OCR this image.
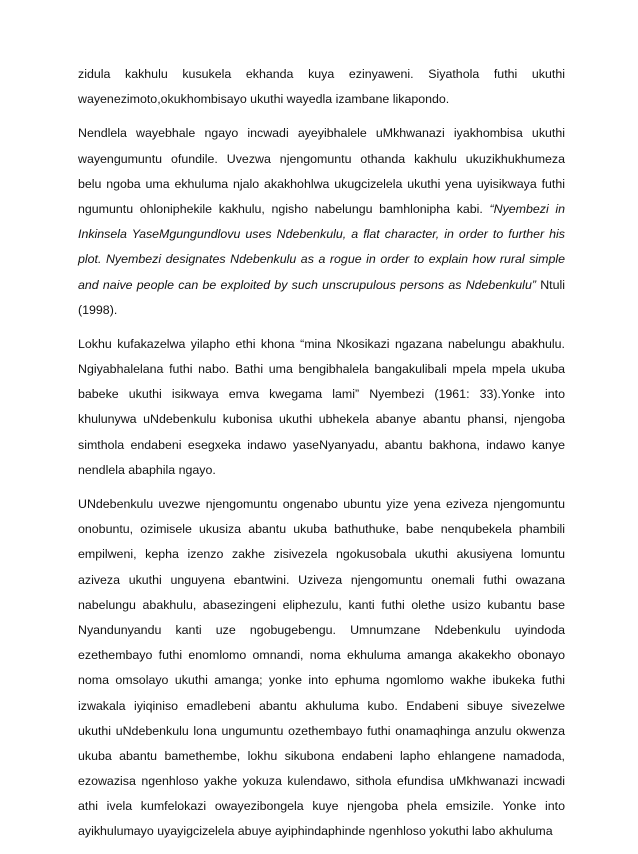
zidula kakhulu kusukela ekhanda kuya ezinyaweni. Siyathola futhi ukuthi
wayenezimoto,okukhombisayo ukuthi wayedla izambane likapondo.
Nendlela wayebhale ngayo incwadi ayeyibhalele uMkhwanazi iyakhombisa ukuthi
wayengumuntu ofundile. Uvezwa njengomuntu othanda kakhulu ukuzikhukhumeza
belu ngoba uma ekhuluma njalo akakhohlwa ukugcizelela ukuthi yena uyisikwaya futhi
ngumuntu ohloniphekile kakhulu, ngisho nabelungu bamhloniphа kabi. “Nyembezi in
Inkinsela YaseMgungundlovu uses Ndebenkulu, a flat character, in order to further his
plot. Nyembezi designates Ndebenkulu as a rogue in order to explain how rural simple
and naive people can be exploited by such unscrupulous persons as Ndebenkulu” Ntuli
(1998).
Lokhu kufakazelwa yilapho ethi khona “mina Nkosikazi ngazana nabelungu abakhulu.
Ngiyabhalelana futhi nabo. Bathi uma bengibhalela bangakulibali mpela mpela ukuba
babeke ukuthi isikwaya emva kwegama lami” Nyembezi (1961: 33).Yonke into
khulunywa uNdebenkulu kubonisa ukuthi ubhekela abanye abantu phansi, njengoba
simthola endabeni esegxeka indawo yaseNyanyadu, abantu bakhona, indawo kanye
nendlela abaphila ngayo.
UNdebenkulu uvezwe njengomuntu ongenabo ubuntu yize yena eziveza njengomuntu
onobuntu, ozimisele ukusiza abantu ukuba bathuthuke, babe nenqubekela phambili
empilweni, kepha izenzo zakhe zisivezela ngokusobala ukuthi akusiyena lomuntu
aziveza ukuthi unguyena ebantwini. Uziveza njengomuntu onemali futhi owazana
nabelungu abakhulu, abasezingeni eliphezulu, kanti futhi olethe usizo kubantu base
Nyandunyandu kanti uze ngobugebengu. Umnumzane Ndebenkulu uyindoda
ezethembayo futhi enomlomo omnandi, noma ekhuluma amanga akakekho obonayo
noma omsolayo ukuthi amanga; yonke into ephuma ngomlomo wakhe ibukeka futhi
izwakala iyiqiniso emadlebeni abantu akhuluma kubo. Endabeni sibuye sivezelwe
ukuthi uNdebenkulu lona ungumuntu ozethembayo futhi onamaqhinga anzulu okwenza
ukuba abantu bamethembe, lokhu sikubona endabeni lapho ehlangene namadoda,
ezowazisa ngenhloso yakhe yokuza kulendawo, sithola efundisa uMkhwanazi incwadi
athi ivela kumfelokazi owayezibongela kuye njengoba phela emsizile. Yonke into
ayikhulumayo uyayigcizelela abuye ayiphindaphinde ngenhloso yokuthi labo akhuluma
